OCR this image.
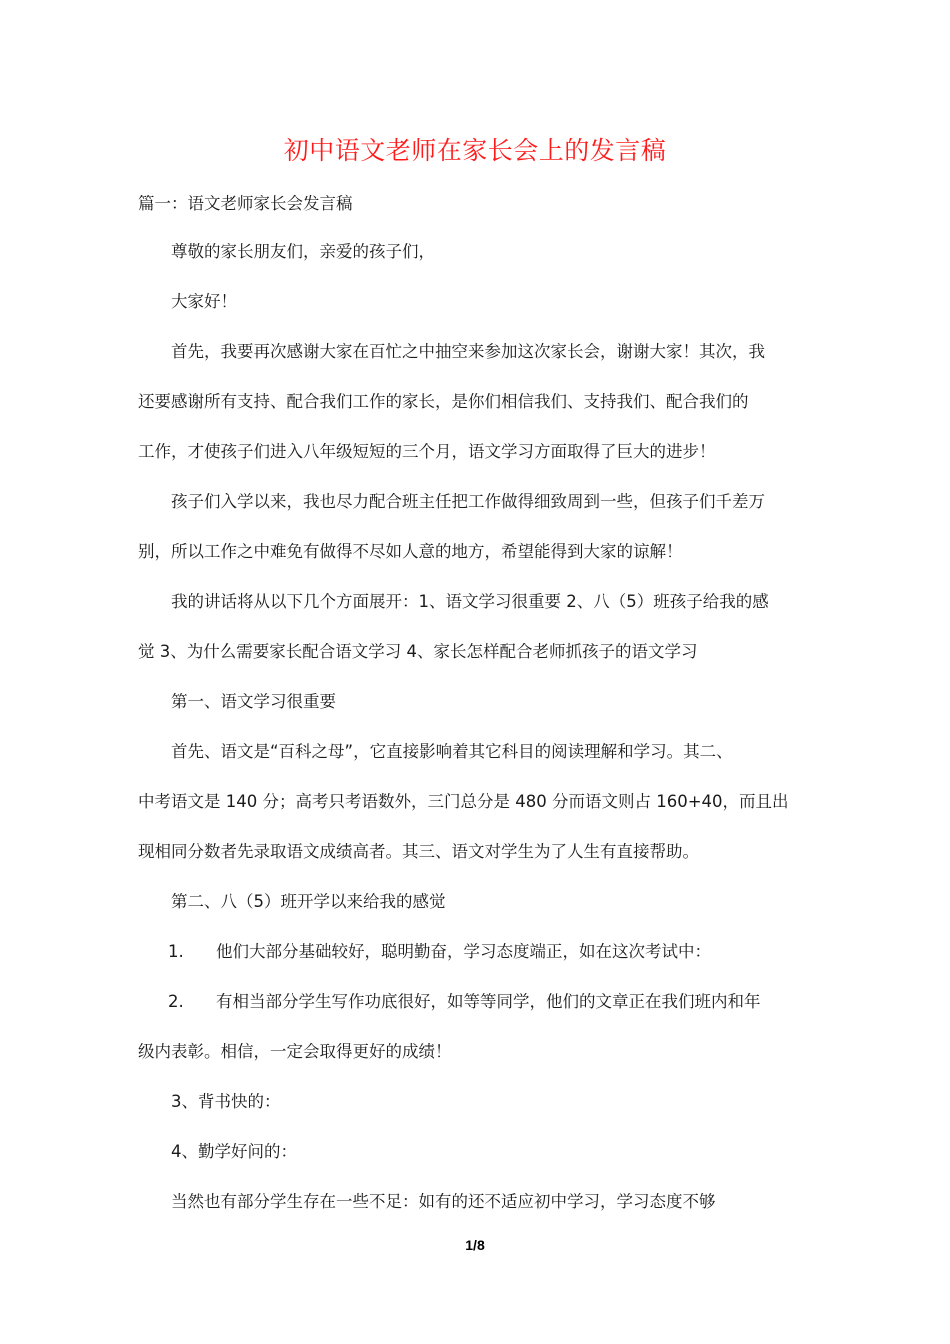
初中语文老师在家长会上的发言稿
篇一：语文老师家长会发言稿
尊敬的家长朋友们，亲爱的孩子们，
大家好！
首先，我要再次感谢大家在百忙之中抽空来参加这次家长会，谢谢大家！其次，我
还要感谢所有支持、配合我们工作的家长，是你们相信我们、支持我们、配合我们的
工作，才使孩子们进入八年级短短的三个月，语文学习方面取得了巨大的进步！
孩子们入学以来，我也尽力配合班主任把工作做得细致周到一些，但孩子们千差万
别，所以工作之中难免有做得不尽如人意的地方，希望能得到大家的谅解！
我的讲话将从以下几个方面展开：1、语文学习很重要 2、八（5）班孩子给我的感
觉 3、为什么需要家长配合语文学习 4、家长怎样配合老师抓孩子的语文学习
第一、语文学习很重要
首先、语文是“百科之母”，它直接影响着其它科目的阅读理解和学习。其二、
中考语文是 140 分；高考只考语数外，三门总分是 480 分而语文则占 160+40，而且出
现相同分数者先录取语文成绩高者。其三、语文对学生为了人生有直接帮助。
第二、八（5）班开学以来给我的感觉
1. 他们大部分基础较好，聪明勤奋，学习态度端正，如在这次考试中：
2. 有相当部分学生写作功底很好，如等等同学，他们的文章正在我们班内和年
级内表彰。相信，一定会取得更好的成绩！
3、背书快的：
4、勤学好问的：
当然也有部分学生存在一些不足：如有的还不适应初中学习，学习态度不够
1/8
